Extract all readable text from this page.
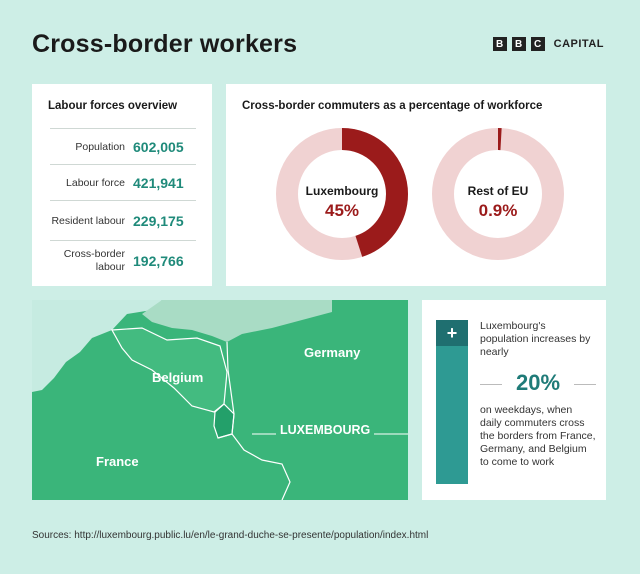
Cross-border workers	B	B	C	CAPITAL
Labour forces overview
Population 602,005
Labour force 421,941
Resident labour 229,175
Cross-border labour 192,766
Cross-border commuters as a percentage of workforce
Luxembourg
45%
Rest of EU
0.9%
Germany
Belgium
France
LUXEMBOURG
+	Luxembourg's population increases by nearly
20%
on weekdays, when daily commuters cross the borders from France, Germany, and Belgium to come to work
Sources: http://luxembourg.public.lu/en/le-grand-duche-se-presente/population/index.html
